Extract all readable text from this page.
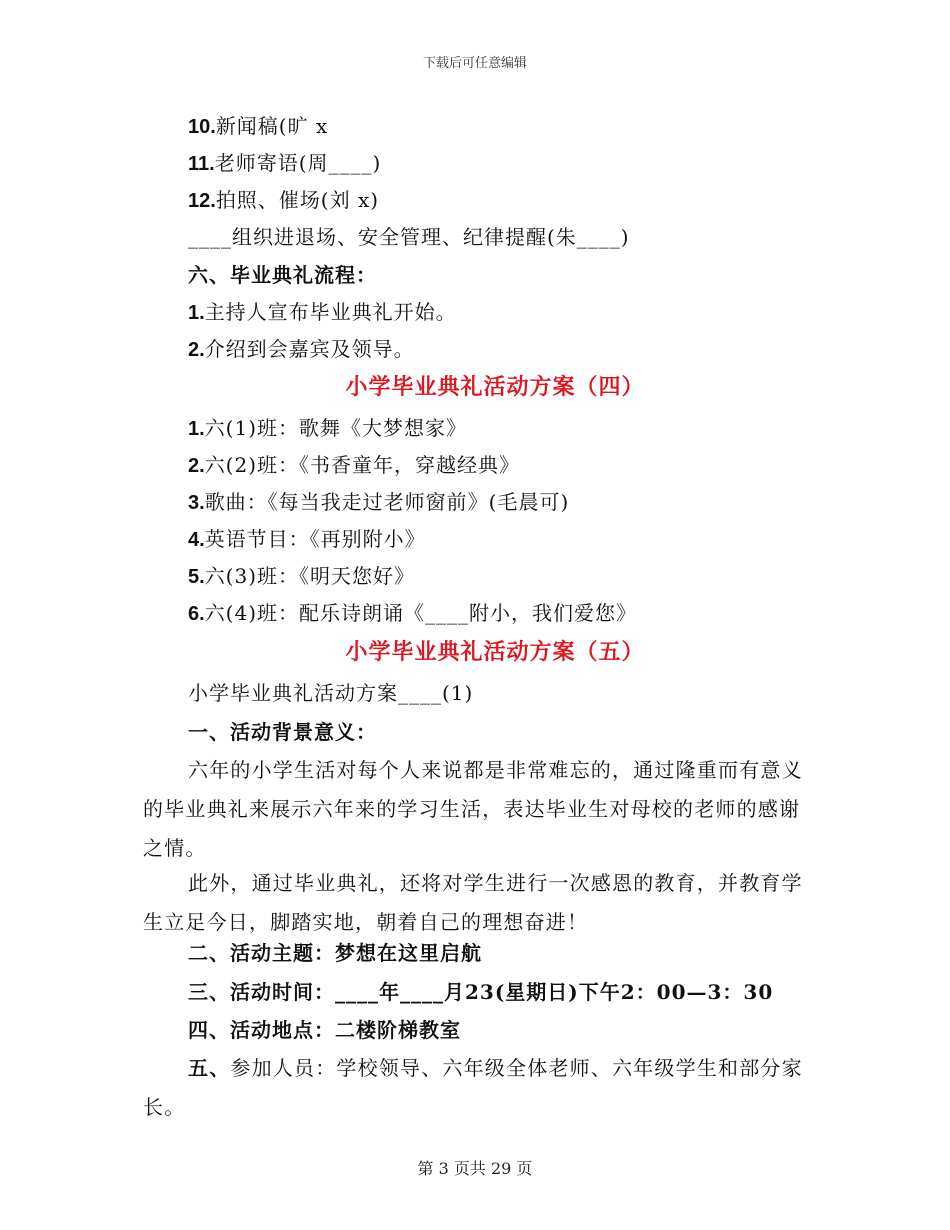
下载后可任意编辑
10.新闻稿(旷 x
11.老师寄语(周____)
12.拍照、催场(刘 x)
____组织进退场、安全管理、纪律提醒(朱____)
六、毕业典礼流程：
1.主持人宣布毕业典礼开始。
2.介绍到会嘉宾及领导。
小学毕业典礼活动方案（四）
1.六(1)班：歌舞《大梦想家》
2.六(2)班：《书香童年，穿越经典》
3.歌曲：《每当我走过老师窗前》(毛晨可)
4.英语节目：《再别附小》
5.六(3)班：《明天您好》
6.六(4)班：配乐诗朗诵《____附小，我们爱您》
小学毕业典礼活动方案（五）
小学毕业典礼活动方案____(1)
一、活动背景意义：
六年的小学生活对每个人来说都是非常难忘的，通过隆重而有意义的毕业典礼来展示六年来的学习生活，表达毕业生对母校的老师的感谢之情。
此外，通过毕业典礼，还将对学生进行一次感恩的教育，并教育学生立足今日，脚踏实地，朝着自己的理想奋进！
二、活动主题：梦想在这里启航
三、活动时间：____年____月23(星期日)下午2：00—3：30
四、活动地点：二楼阶梯教室
五、参加人员：学校领导、六年级全体老师、六年级学生和部分家长。
第 3 页共 29 页
